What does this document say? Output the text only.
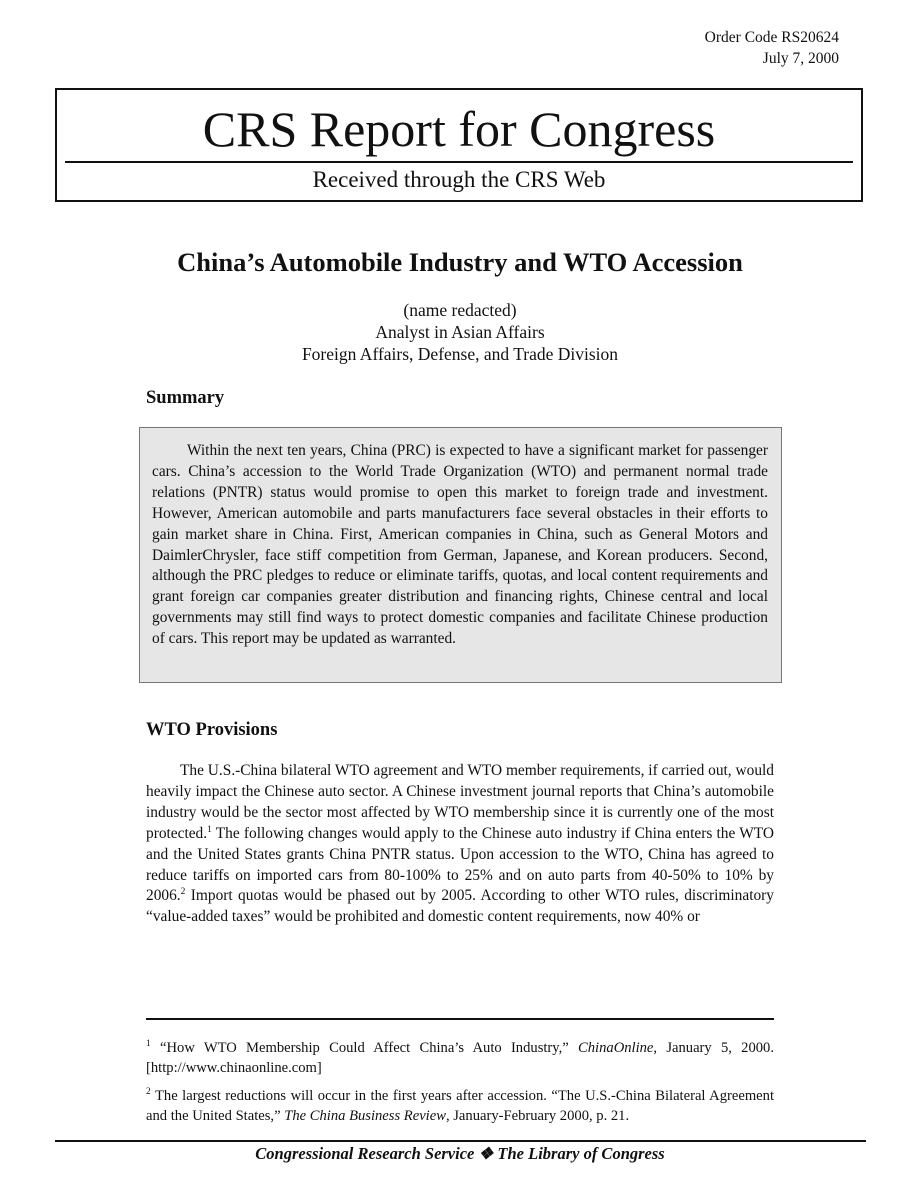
Order Code RS20624
July 7, 2000
CRS Report for Congress
Received through the CRS Web
China’s Automobile Industry and WTO Accession
(name redacted)
Analyst in Asian Affairs
Foreign Affairs, Defense, and Trade Division
Summary

Within the next ten years, China (PRC) is expected to have a significant market for passenger cars. China’s accession to the World Trade Organization (WTO) and permanent normal trade relations (PNTR) status would promise to open this market to foreign trade and investment. However, American automobile and parts manufacturers face several obstacles in their efforts to gain market share in China. First, American companies in China, such as General Motors and DaimlerChrysler, face stiff competition from German, Japanese, and Korean producers. Second, although the PRC pledges to reduce or eliminate tariffs, quotas, and local content requirements and grant foreign car companies greater distribution and financing rights, Chinese central and local governments may still find ways to protect domestic companies and facilitate Chinese production of cars. This report may be updated as warranted.

WTO Provisions

The U.S.-China bilateral WTO agreement and WTO member requirements, if carried out, would heavily impact the Chinese auto sector. A Chinese investment journal reports that China’s automobile industry would be the sector most affected by WTO membership since it is currently one of the most protected.$^1$ The following changes would apply to the Chinese auto industry if China enters the WTO and the United States grants China PNTR status. Upon accession to the WTO, China has agreed to reduce tariffs on imported cars from 80-100% to 25% and on auto parts from 40-50% to 10% by 2006.$^2$ Import quotas would be phased out by 2005. According to other WTO rules, discriminatory “value-added taxes” would be prohibited and domestic content requirements, now 40% or

$^1$ “How WTO Membership Could Affect China’s Auto Industry,” ChinaOnline, January 5, 2000. [http://www.chinaonline.com]

$^2$ The largest reductions will occur in the first years after accession. “The U.S.-China Bilateral Agreement and the United States,” The China Business Review, January-February 2000, p. 21.

Congressional Research Service ❖ The Library of Congress
